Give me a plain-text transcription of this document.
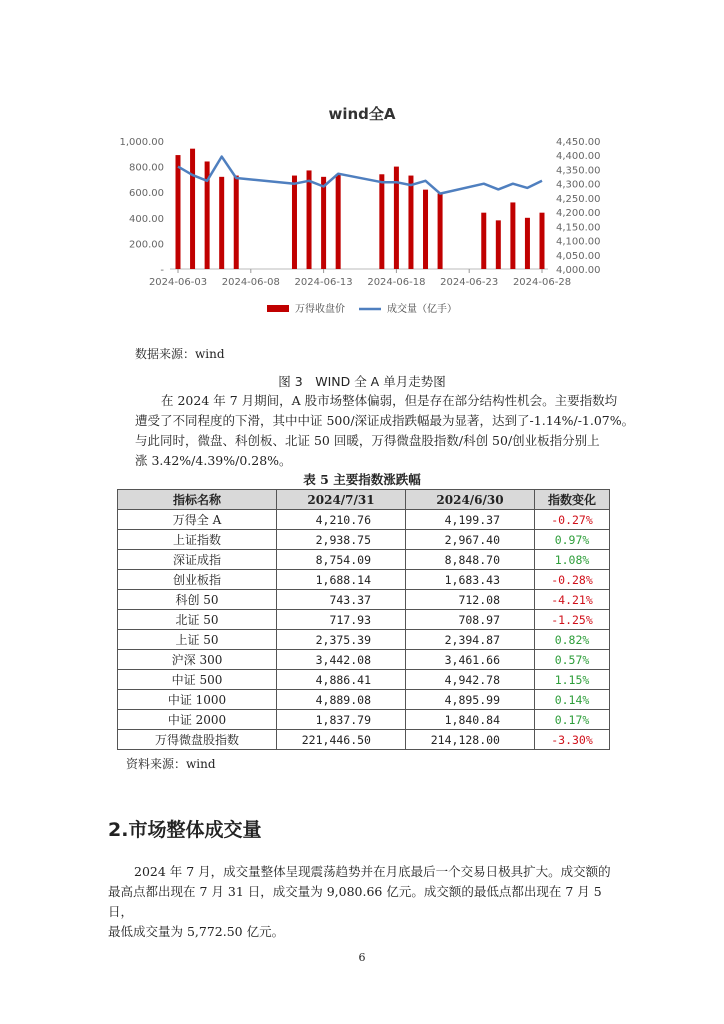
wind全A
1,000.00
800.00
600.00
400.00
200.00
-
4,450.00
4,400.00
4,350.00
4,300.00
4,250.00
4,200.00
4,150.00
4,100.00
4,050.00
4,000.00
2024-06-03 2024-06-08 2024-06-13 2024-06-18 2024-06-23 2024-06-28
万得收盘价	成交量（亿手）
数据来源：wind
图 3　WIND 全 A 单月走势图
在 2024 年 7 月期间，A 股市场整体偏弱，但是存在部分结构性机会。主要指数均
遭受了不同程度的下滑，其中中证 500/深证成指跌幅最为显著，达到了-1.14%/-1.07%。
与此同时，微盘、科创板、北证 50 回暖，万得微盘股指数/科创 50/创业板指分别上
涨 3.42%/4.39%/0.28%。
表 5 主要指数涨跌幅
指标名称	2024/7/31	2024/6/30	指数变化
万得全 A	4,210.76	4,199.37	-0.27%
上证指数	2,938.75	2,967.40	0.97%
深证成指	8,754.09	8,848.70	1.08%
创业板指	1,688.14	1,683.43	-0.28%
科创 50	743.37	712.08	-4.21%
北证 50	717.93	708.97	-1.25%
上证 50	2,375.39	2,394.87	0.82%
沪深 300	3,442.08	3,461.66	0.57%
中证 500	4,886.41	4,942.78	1.15%
中证 1000	4,889.08	4,895.99	0.14%
中证 2000	1,837.79	1,840.84	0.17%
万得微盘股指数	221,446.50	214,128.00	-3.30%
资料来源：wind
2.市场整体成交量
2024 年 7 月，成交量整体呈现震荡趋势并在月底最后一个交易日极具扩大。成交额的
最高点都出现在 7 月 31 日，成交量为 9,080.66 亿元。成交额的最低点都出现在 7 月 5 日，
最低成交量为 5,772.50 亿元。
6
